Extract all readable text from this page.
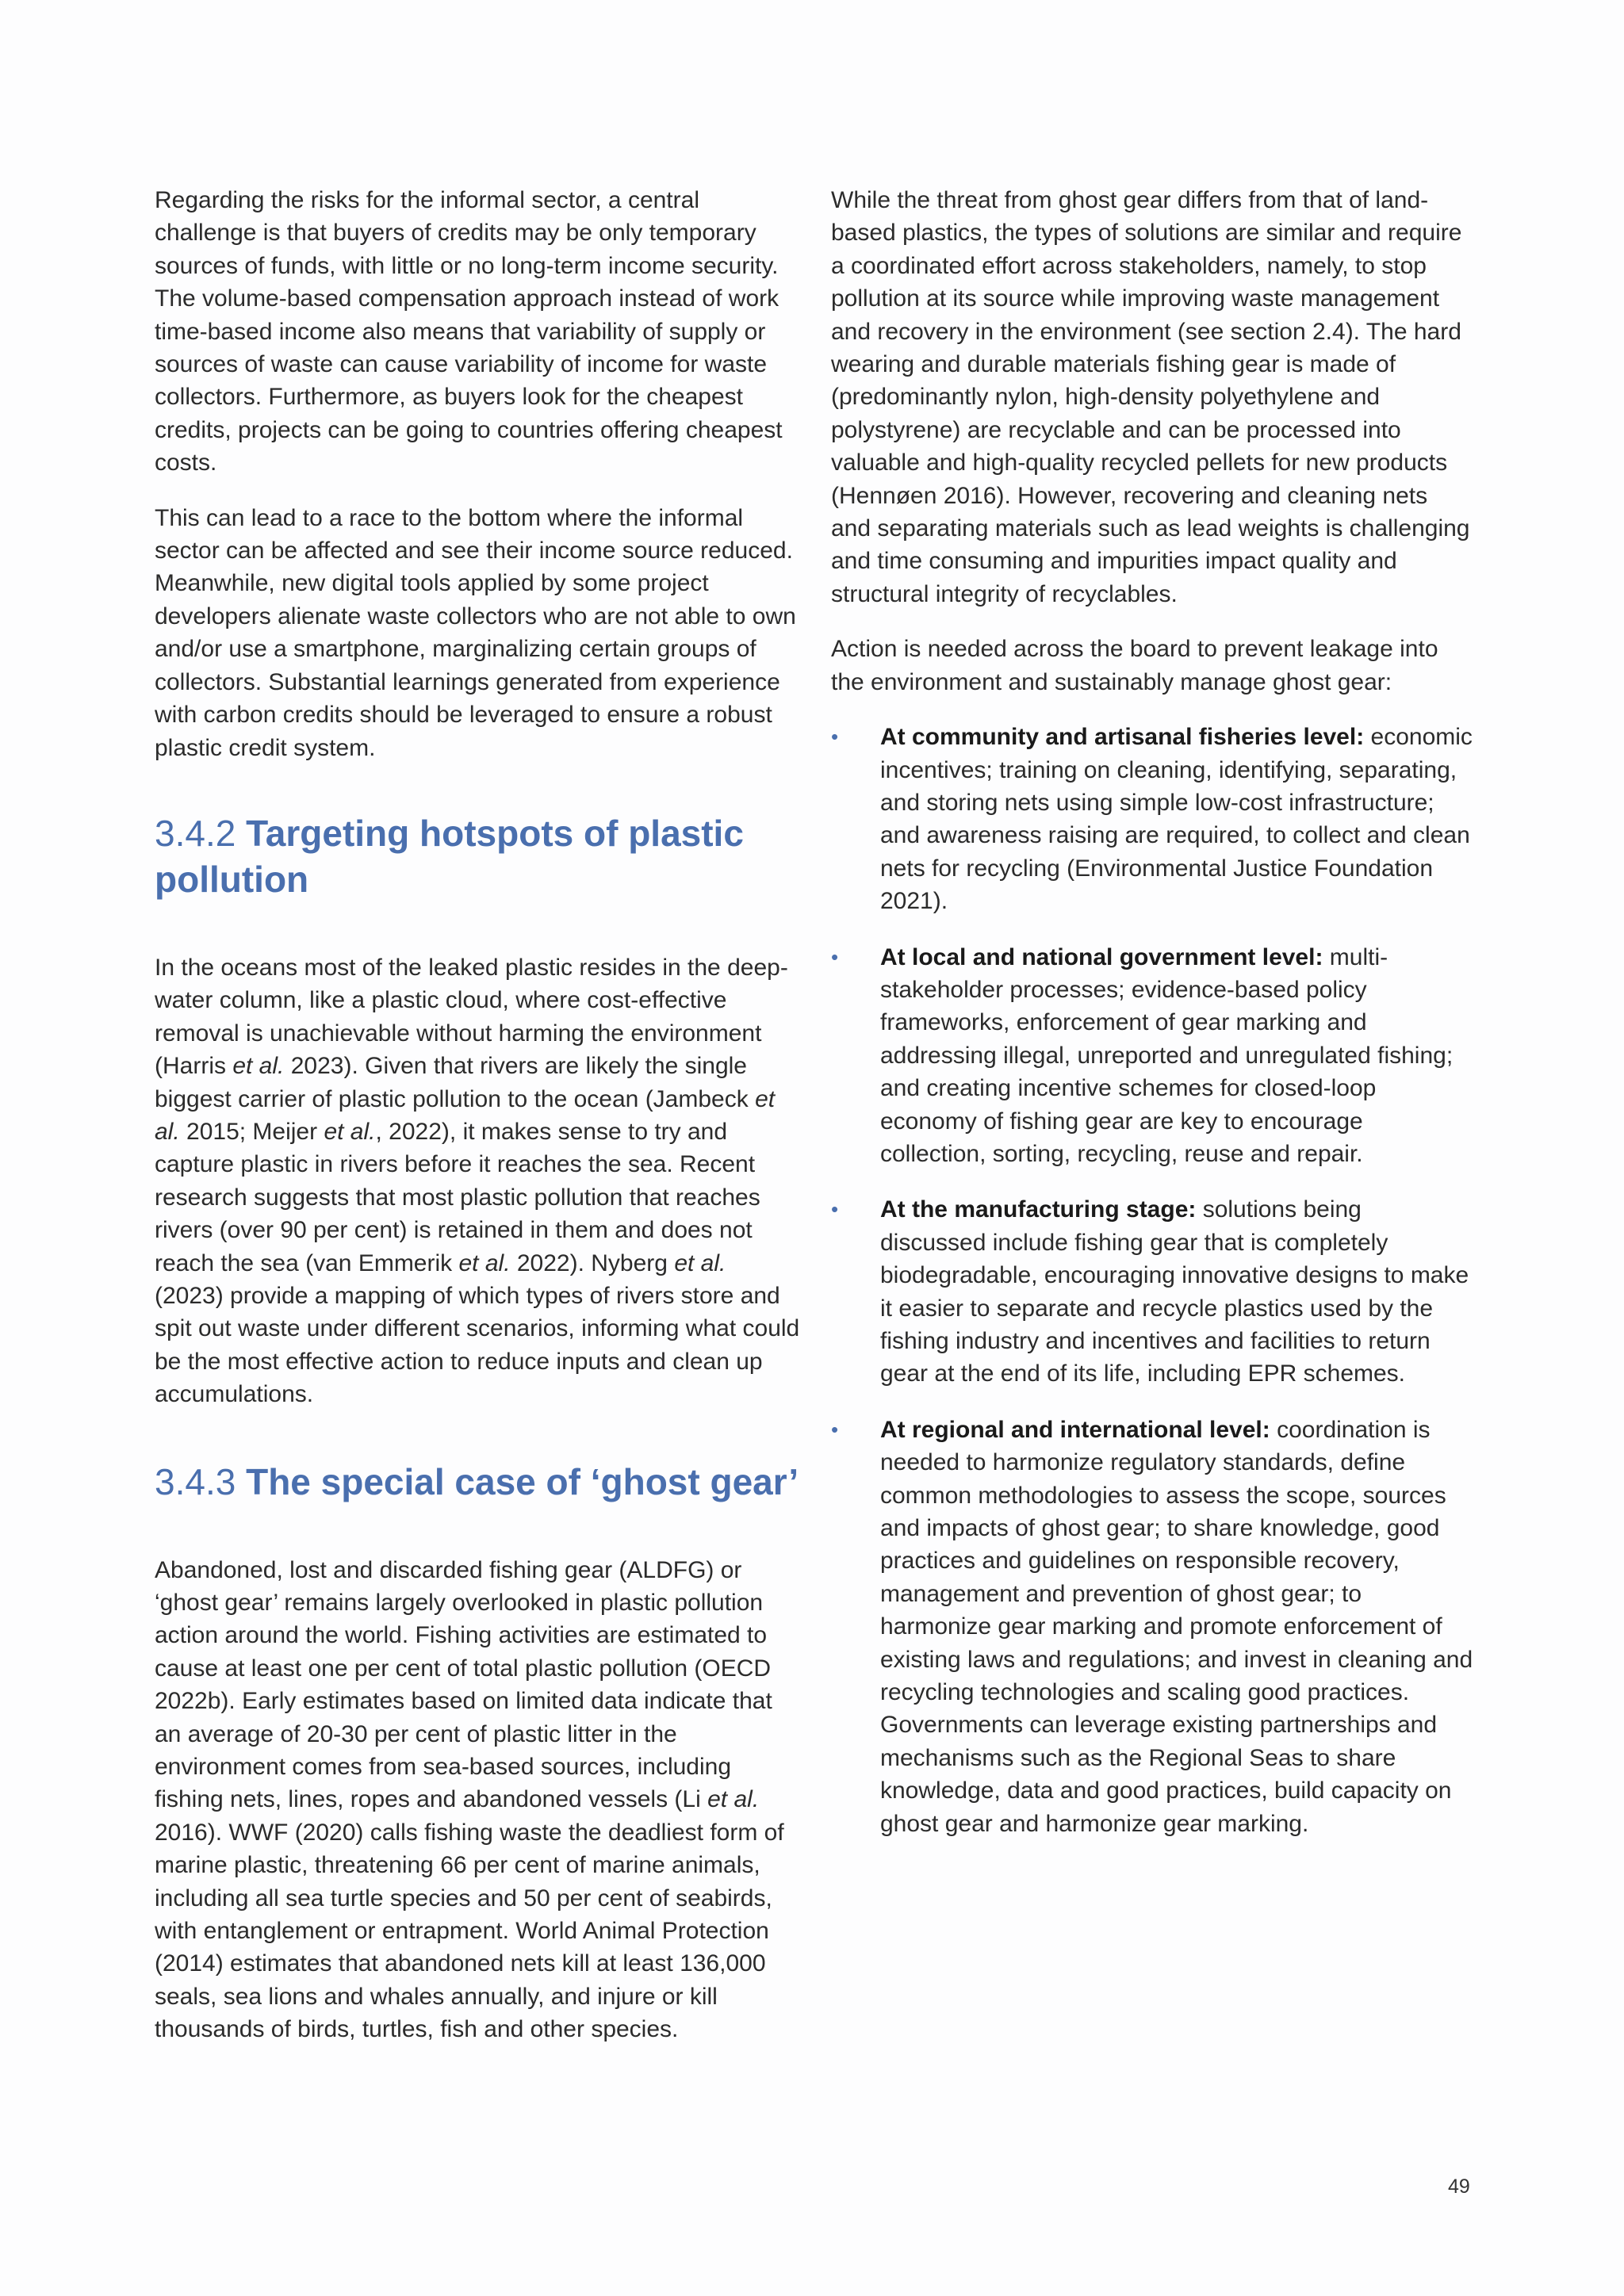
Regarding the risks for the informal sector, a central challenge is that buyers of credits may be only temporary sources of funds, with little or no long-term income security. The volume-based compensation approach instead of work time-based income also means that variability of supply or sources of waste can cause variability of income for waste collectors. Furthermore, as buyers look for the cheapest credits, projects can be going to countries offering cheapest costs.

This can lead to a race to the bottom where the informal sector can be affected and see their income source reduced. Meanwhile, new digital tools applied by some project developers alienate waste collectors who are not able to own and/or use a smartphone, marginalizing certain groups of collectors. Substantial learnings generated from experience with carbon credits should be leveraged to ensure a robust plastic credit system.

3.4.2 Targeting hotspots of plastic pollution

In the oceans most of the leaked plastic resides in the deep-water column, like a plastic cloud, where cost-effective removal is unachievable without harming the environment (Harris et al. 2023). Given that rivers are likely the single biggest carrier of plastic pollution to the ocean (Jambeck et al. 2015; Meijer et al., 2022), it makes sense to try and capture plastic in rivers before it reaches the sea. Recent research suggests that most plastic pollution that reaches rivers (over 90 per cent) is retained in them and does not reach the sea (van Emmerik et al. 2022). Nyberg et al. (2023) provide a mapping of which types of rivers store and spit out waste under different scenarios, informing what could be the most effective action to reduce inputs and clean up accumulations.

3.4.3 The special case of ‘ghost gear’

Abandoned, lost and discarded fishing gear (ALDFG) or ‘ghost gear’ remains largely overlooked in plastic pollution action around the world. Fishing activities are estimated to cause at least one per cent of total plastic pollution (OECD 2022b). Early estimates based on limited data indicate that an average of 20-30 per cent of plastic litter in the environment comes from sea-based sources, including fishing nets, lines, ropes and abandoned vessels (Li et al. 2016). WWF (2020) calls fishing waste the deadliest form of marine plastic, threatening 66 per cent of marine animals, including all sea turtle species and 50 per cent of seabirds, with entanglement or entrapment. World Animal Protection (2014) estimates that abandoned nets kill at least 136,000 seals, sea lions and whales annually, and injure or kill thousands of birds, turtles, fish and other species.

While the threat from ghost gear differs from that of land-based plastics, the types of solutions are similar and require a coordinated effort across stakeholders, namely, to stop pollution at its source while improving waste management and recovery in the environment (see section 2.4). The hard wearing and durable materials fishing gear is made of (predominantly nylon, high-density polyethylene and polystyrene) are recyclable and can be processed into valuable and high-quality recycled pellets for new products (Hennøen 2016). However, recovering and cleaning nets and separating materials such as lead weights is challenging and time consuming and impurities impact quality and structural integrity of recyclables.

Action is needed across the board to prevent leakage into the environment and sustainably manage ghost gear:

• At community and artisanal fisheries level: economic incentives; training on cleaning, identifying, separating, and storing nets using simple low-cost infrastructure; and awareness raising are required, to collect and clean nets for recycling (Environmental Justice Foundation 2021).
• At local and national government level: multi-stakeholder processes; evidence-based policy frameworks, enforcement of gear marking and addressing illegal, unreported and unregulated fishing; and creating incentive schemes for closed-loop economy of fishing gear are key to encourage collection, sorting, recycling, reuse and repair.
• At the manufacturing stage: solutions being discussed include fishing gear that is completely biodegradable, encouraging innovative designs to make it easier to separate and recycle plastics used by the fishing industry and incentives and facilities to return gear at the end of its life, including EPR schemes.
• At regional and international level: coordination is needed to harmonize regulatory standards, define common methodologies to assess the scope, sources and impacts of ghost gear; to share knowledge, good practices and guidelines on responsible recovery, management and prevention of ghost gear; to harmonize gear marking and promote enforcement of existing laws and regulations; and invest in cleaning and recycling technologies and scaling good practices. Governments can leverage existing partnerships and mechanisms such as the Regional Seas to share knowledge, data and good practices, build capacity on ghost gear and harmonize gear marking.
49
